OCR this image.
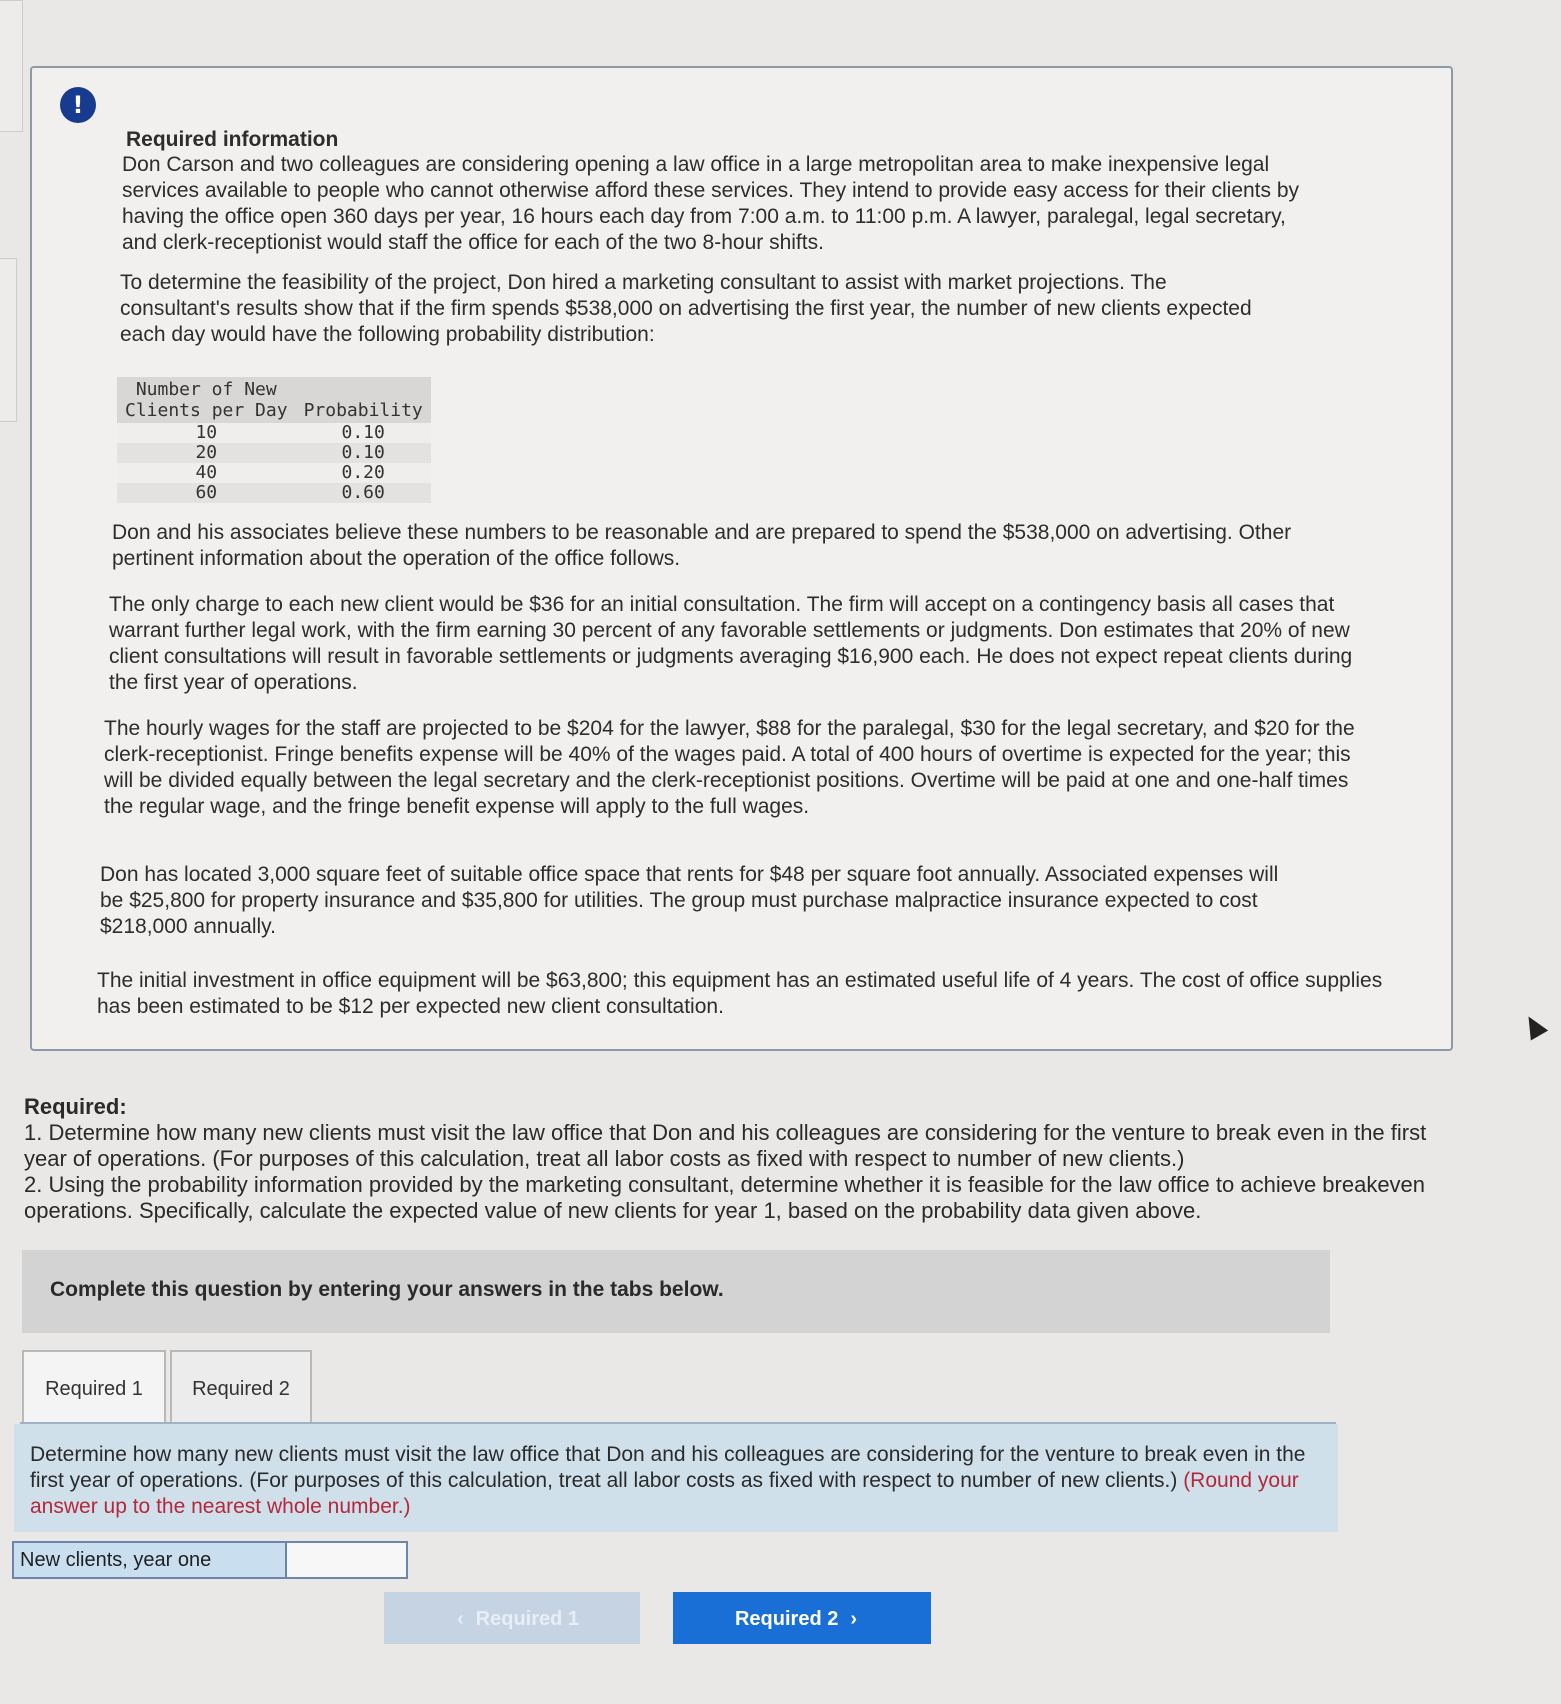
!
Required information
Don Carson and two colleagues are considering opening a law office in a large metropolitan area to make inexpensive legal services available to people who cannot otherwise afford these services. They intend to provide easy access for their clients by having the office open 360 days per year, 16 hours each day from 7:00 a.m. to 11:00 p.m. A lawyer, paralegal, legal secretary, and clerk-receptionist would staff the office for each of the two 8-hour shifts.
To determine the feasibility of the project, Don hired a marketing consultant to assist with market projections. The consultant's results show that if the firm spends $538,000 on advertising the first year, the number of new clients expected each day would have the following probability distribution:
Number of New
Clients per Day	Probability
10	0.10
20	0.10
40	0.20
60	0.60
Don and his associates believe these numbers to be reasonable and are prepared to spend the $538,000 on advertising. Other pertinent information about the operation of the office follows.
The only charge to each new client would be $36 for an initial consultation. The firm will accept on a contingency basis all cases that warrant further legal work, with the firm earning 30 percent of any favorable settlements or judgments. Don estimates that 20% of new client consultations will result in favorable settlements or judgments averaging $16,900 each. He does not expect repeat clients during the first year of operations.
The hourly wages for the staff are projected to be $204 for the lawyer, $88 for the paralegal, $30 for the legal secretary, and $20 for the clerk-receptionist. Fringe benefits expense will be 40% of the wages paid. A total of 400 hours of overtime is expected for the year; this will be divided equally between the legal secretary and the clerk-receptionist positions. Overtime will be paid at one and one-half times the regular wage, and the fringe benefit expense will apply to the full wages.
Don has located 3,000 square feet of suitable office space that rents for $48 per square foot annually. Associated expenses will be $25,800 for property insurance and $35,800 for utilities. The group must purchase malpractice insurance expected to cost $218,000 annually.
The initial investment in office equipment will be $63,800; this equipment has an estimated useful life of 4 years. The cost of office supplies has been estimated to be $12 per expected new client consultation.
Required:
1. Determine how many new clients must visit the law office that Don and his colleagues are considering for the venture to break even in the first year of operations. (For purposes of this calculation, treat all labor costs as fixed with respect to number of new clients.)
2. Using the probability information provided by the marketing consultant, determine whether it is feasible for the law office to achieve breakeven operations. Specifically, calculate the expected value of new clients for year 1, based on the probability data given above.
Complete this question by entering your answers in the tabs below.
Required 1	Required 2
Determine how many new clients must visit the law office that Don and his colleagues are considering for the venture to break even in the first year of operations. (For purposes of this calculation, treat all labor costs as fixed with respect to number of new clients.) (Round your answer up to the nearest whole number.)
New clients, year one
‹ Required 1	Required 2 ›
